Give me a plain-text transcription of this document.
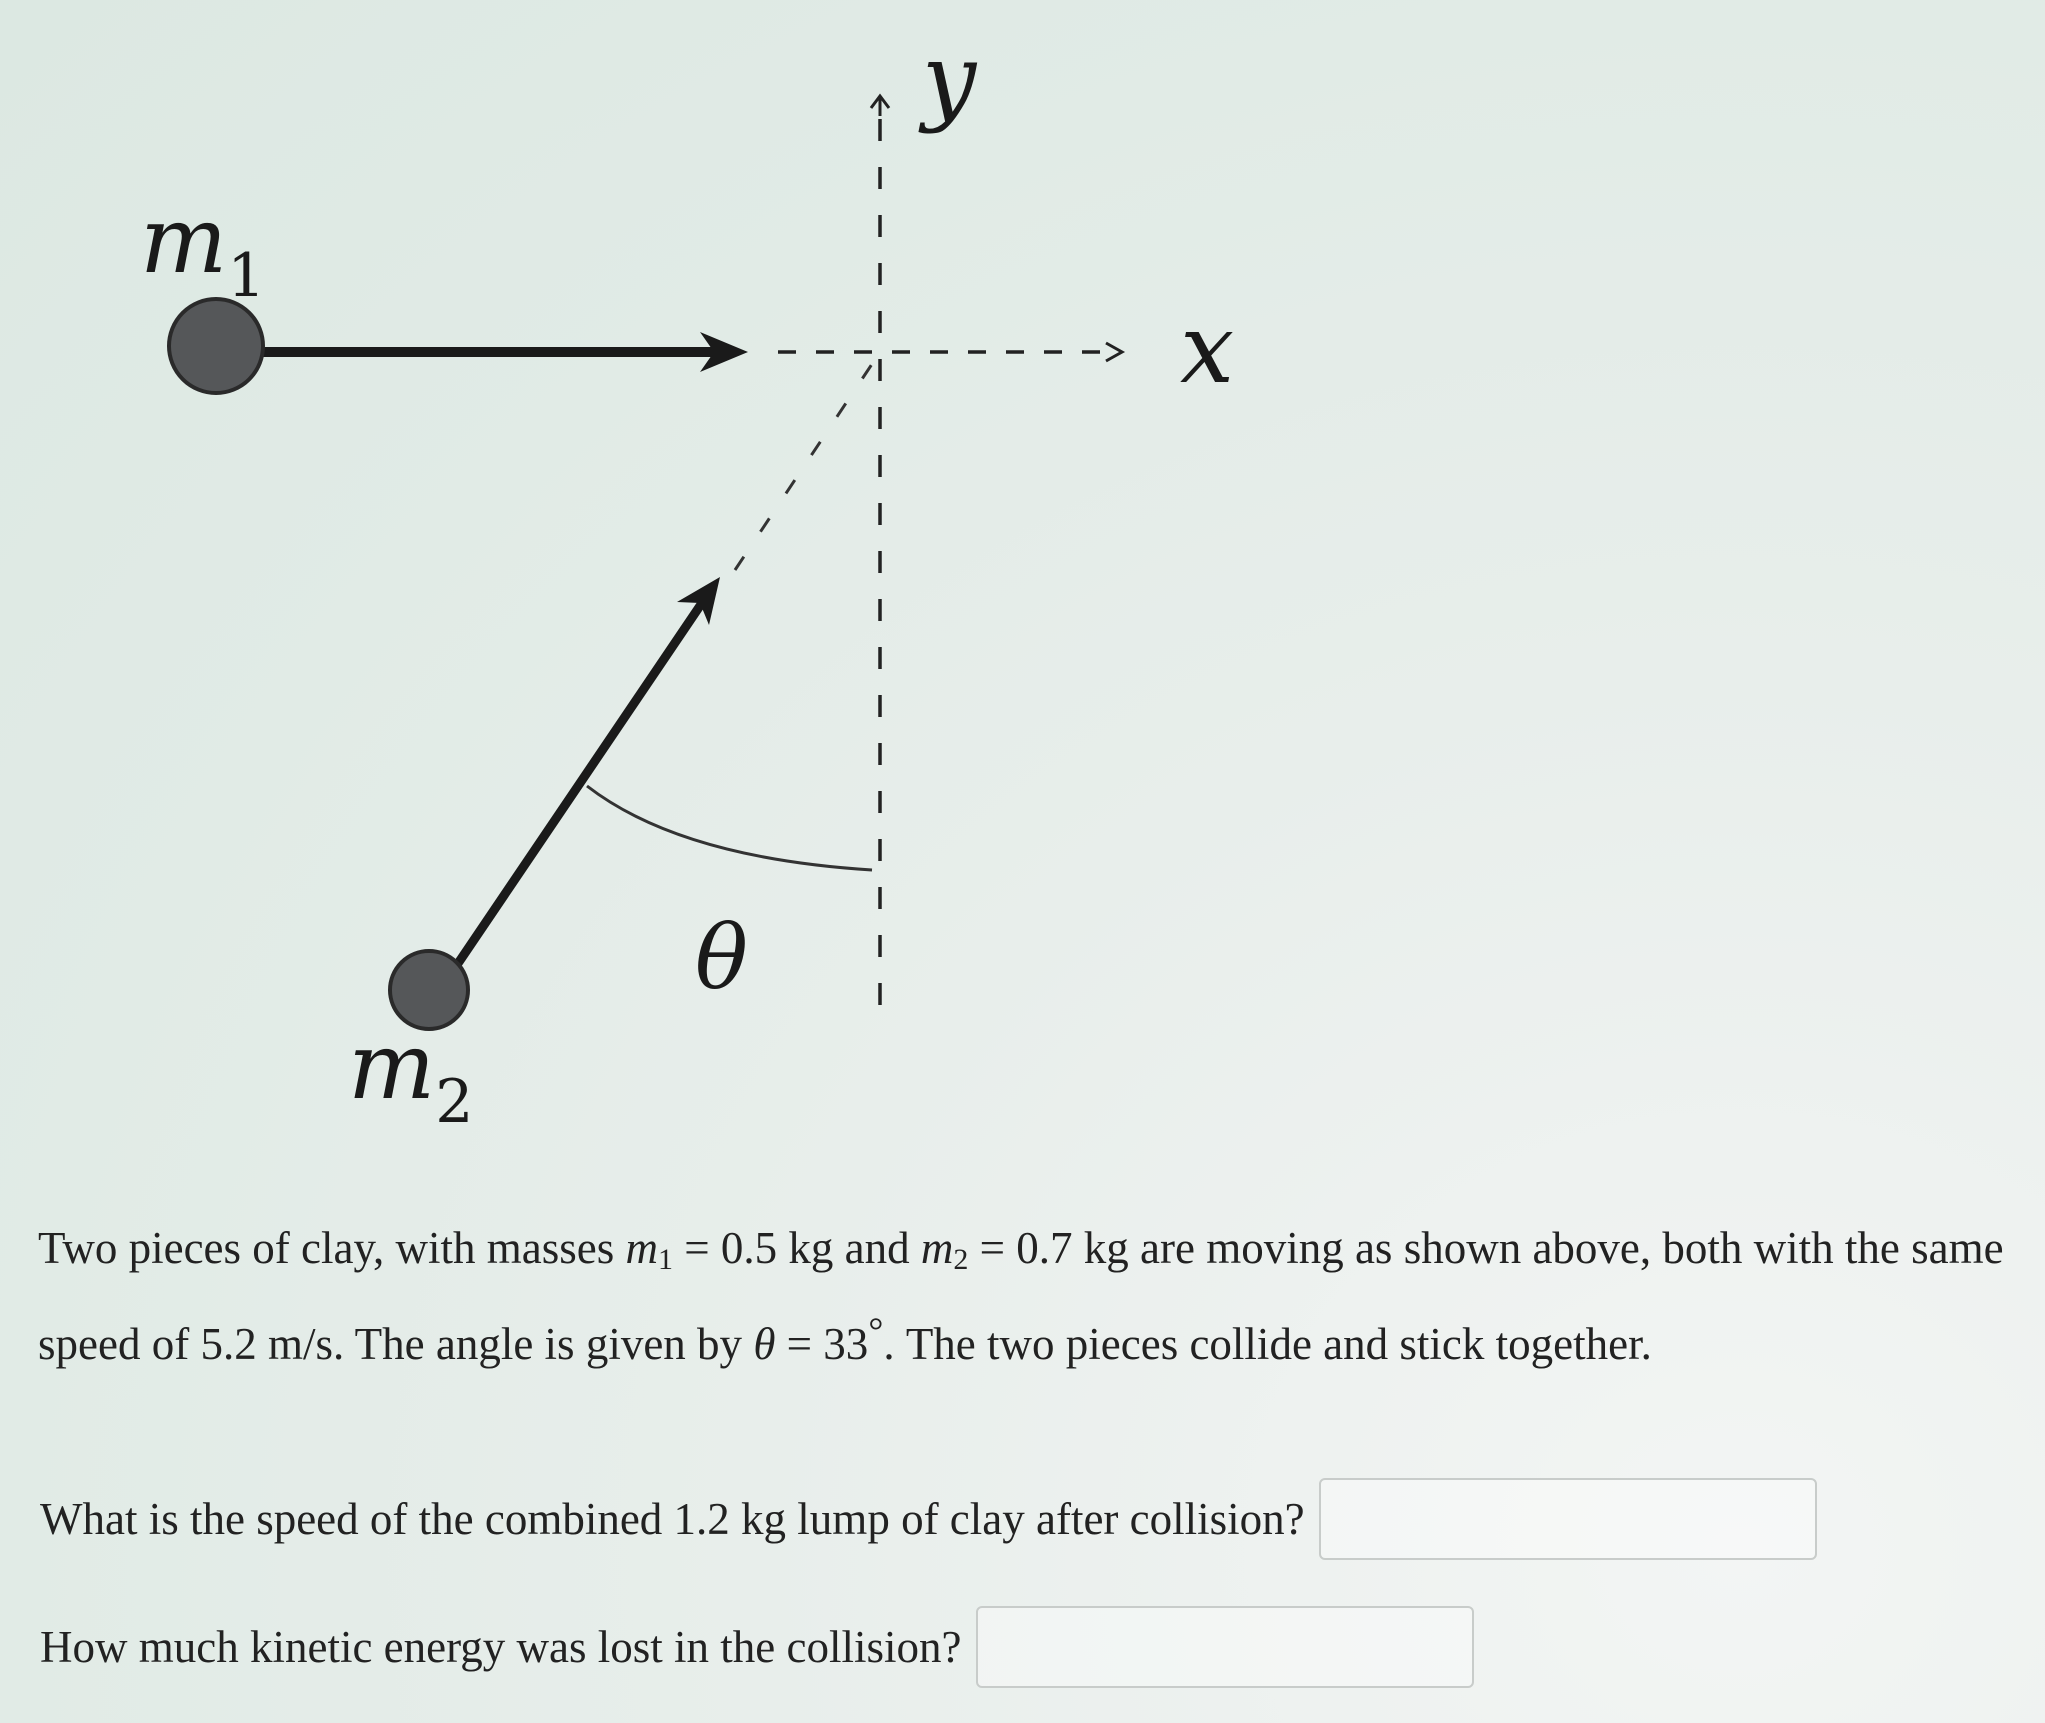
$m_1$
$m_2$
y
x
θ
Two pieces of clay, with masses $m_1 = 0.5$ kg and $m_2 = 0.7$ kg are moving as shown above, both with the same speed of 5.2 m/s. The angle is given by θ = 33°. The two pieces collide and stick together.
What is the speed of the combined 1.2 kg lump of clay after collision?
How much kinetic energy was lost in the collision?
